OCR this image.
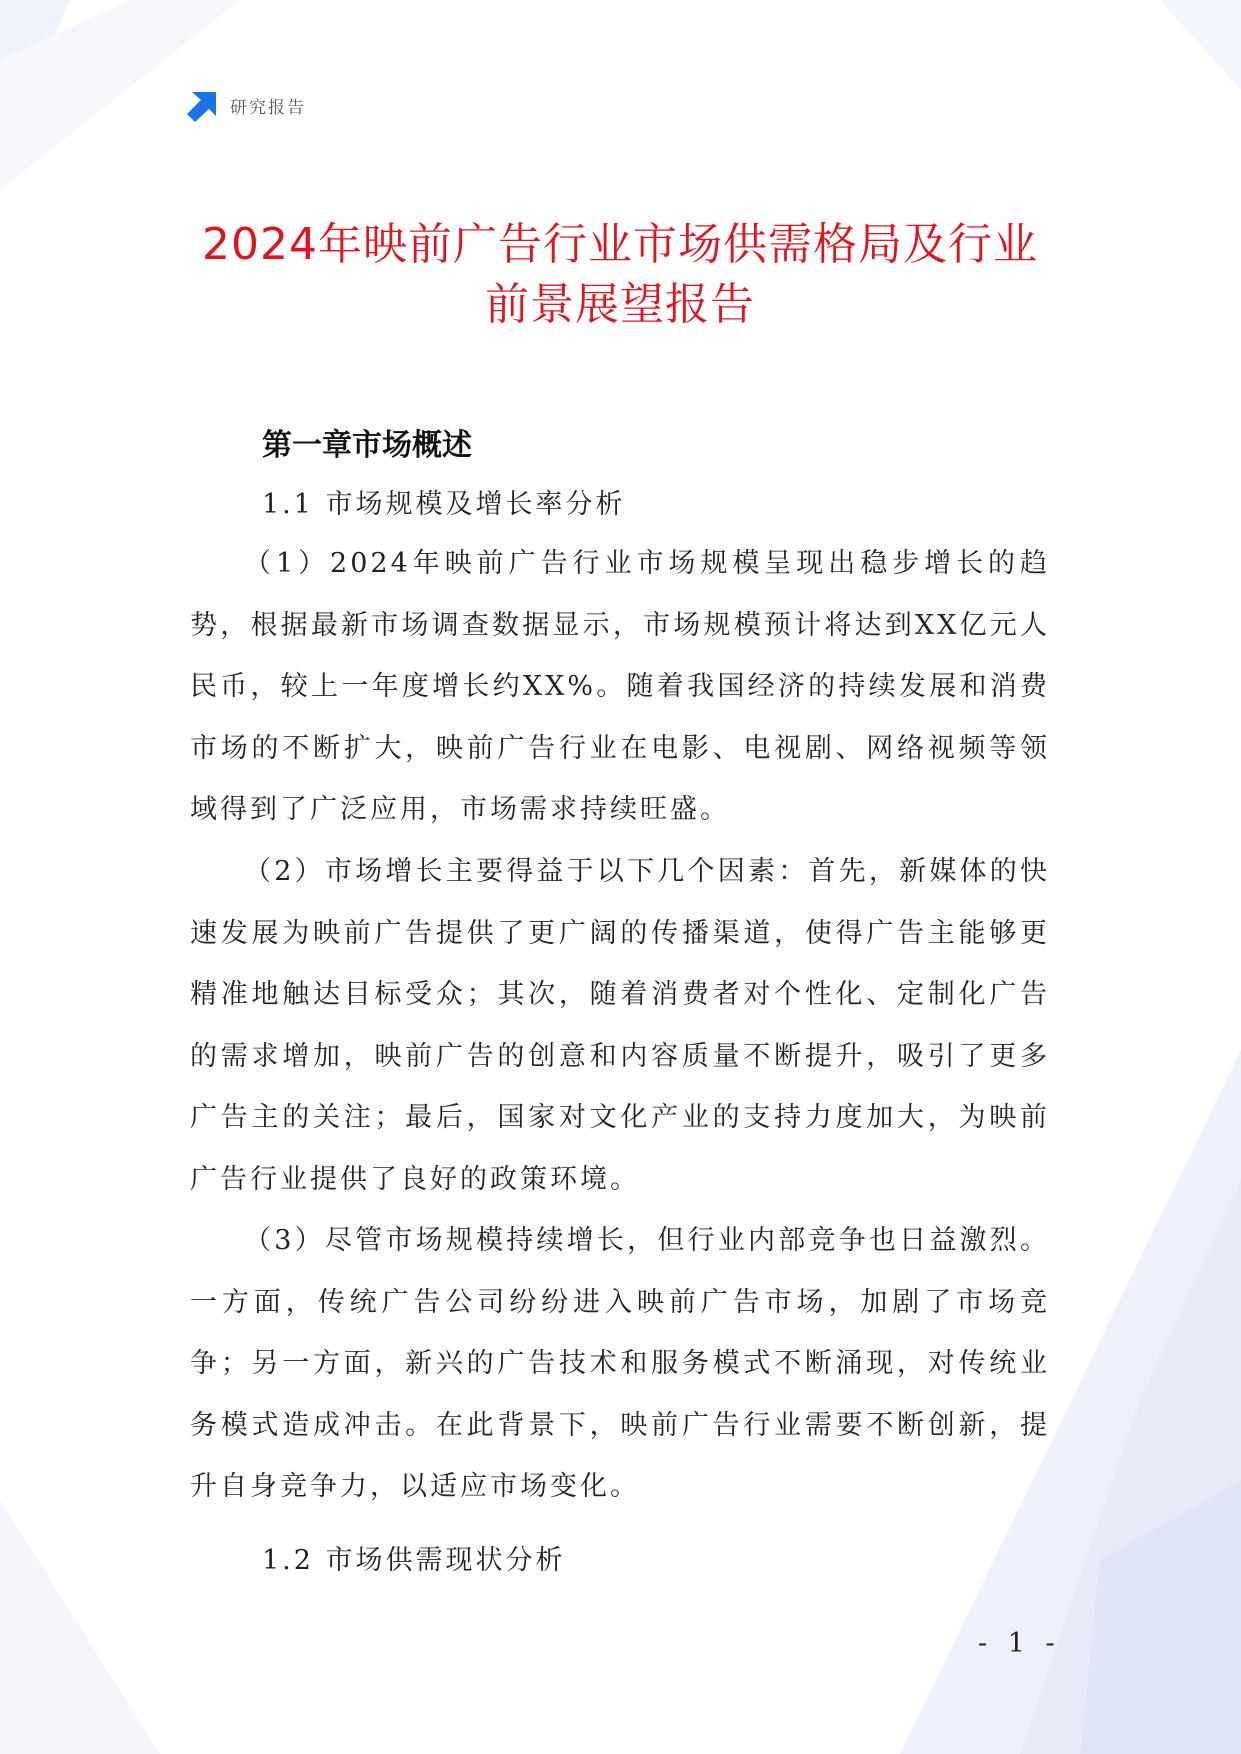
研究报告
2024年映前广告行业市场供需格局及行业
前景展望报告
第一章市场概述
1.1 市场规模及增长率分析

（1）2024年映前广告行业市场规模呈现出稳步增长的趋势，根据最新市场调查数据显示，市场规模预计将达到XX亿元人民币，较上一年度增长约XX%。随着我国经济的持续发展和消费市场的不断扩大，映前广告行业在电影、电视剧、网络视频等领域得到了广泛应用，市场需求持续旺盛。

（2）市场增长主要得益于以下几个因素：首先，新媒体的快速发展为映前广告提供了更广阔的传播渠道，使得广告主能够更精准地触达目标受众；其次，随着消费者对个性化、定制化广告的需求增加，映前广告的创意和内容质量不断提升，吸引了更多广告主的关注；最后，国家对文化产业的支持力度加大，为映前广告行业提供了良好的政策环境。

（3）尽管市场规模持续增长，但行业内部竞争也日益激烈。一方面，传统广告公司纷纷进入映前广告市场，加剧了市场竞争；另一方面，新兴的广告技术和服务模式不断涌现，对传统业务模式造成冲击。在此背景下，映前广告行业需要不断创新，提升自身竞争力，以适应市场变化。

1.2 市场供需现状分析
- 1 -
